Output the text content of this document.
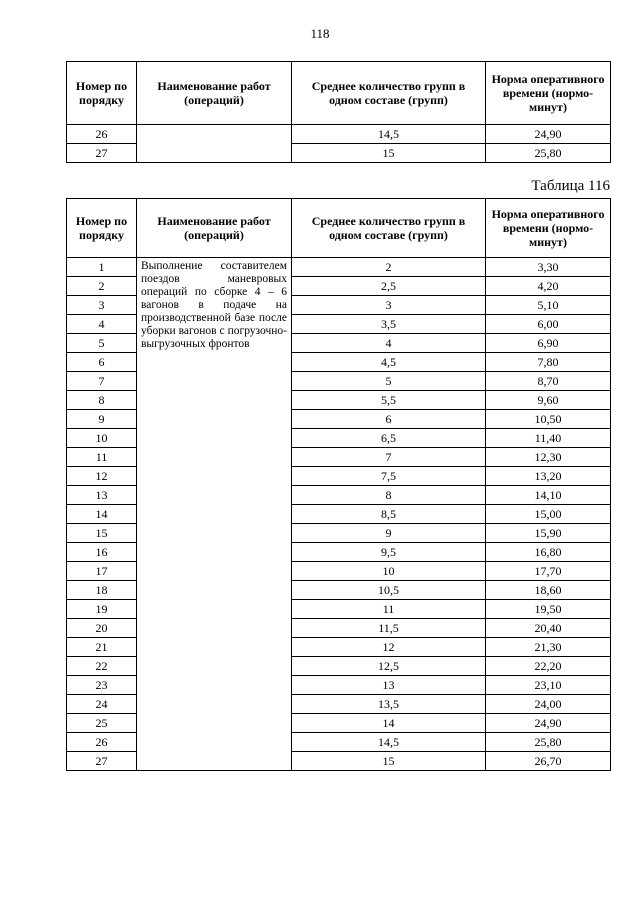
118
Номер по порядку	Наименование работ (операций)	Среднее количество групп в одном составе (групп)	Норма оперативного времени (нормо-минут)
26		14,5	24,90
27		15	25,80
Таблица 116
Номер по порядку	Наименование работ (операций)	Среднее количество групп в одном составе (групп)	Норма оперативного времени (нормо-минут)
1	Выполнение составителем поездов маневровых операций по сборке 4 – 6 вагонов в подаче на производственной базе после уборки вагонов с погрузочно-выгрузочных фронтов	2	3,30
2		2,5	4,20
3		3	5,10
4		3,5	6,00
5		4	6,90
6		4,5	7,80
7		5	8,70
8		5,5	9,60
9		6	10,50
10		6,5	11,40
11		7	12,30
12		7,5	13,20
13		8	14,10
14		8,5	15,00
15		9	15,90
16		9,5	16,80
17		10	17,70
18		10,5	18,60
19		11	19,50
20		11,5	20,40
21		12	21,30
22		12,5	22,20
23		13	23,10
24		13,5	24,00
25		14	24,90
26		14,5	25,80
27		15	26,70
